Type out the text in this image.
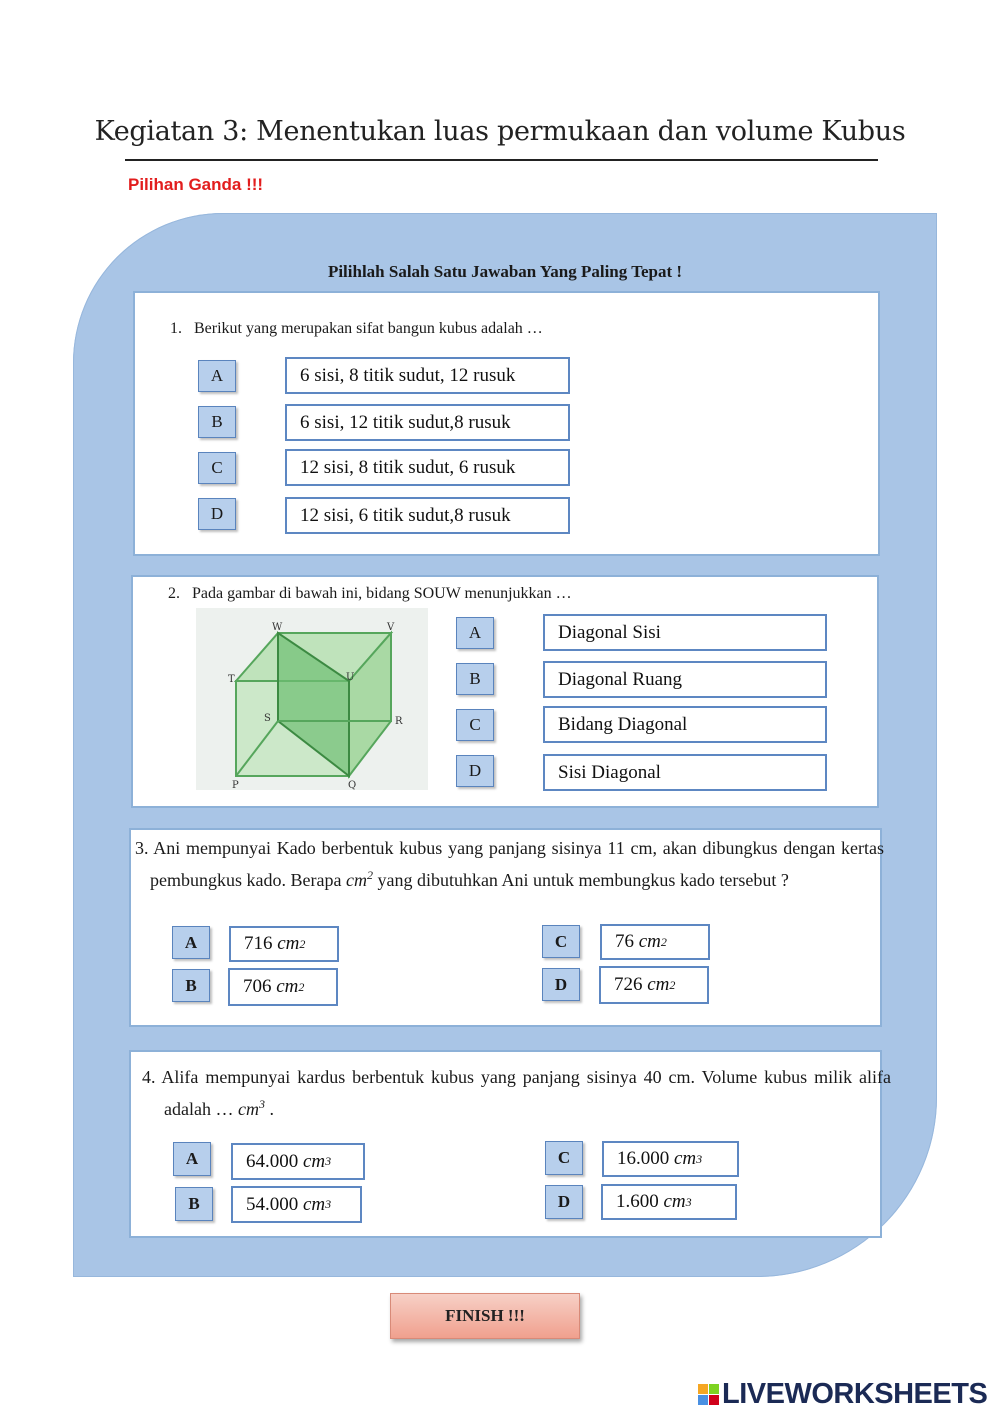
Kegiatan 3: Menentukan luas permukaan dan volume Kubus
Pilihan Ganda !!!
Pilihlah Salah Satu Jawaban Yang Paling Tepat !
1. Berikut yang merupakan sifat bangun kubus adalah …
A	6 sisi, 8 titik sudut, 12 rusuk
B	6 sisi, 12 titik sudut,8 rusuk
C	12 sisi, 8 titik sudut, 6 rusuk
D	12 sisi, 6 titik sudut,8 rusuk
2. Pada gambar di bawah ini, bidang SOUW menunjukkan …
W	V
T	U
S	R
P	Q
A	Diagonal Sisi
B	Diagonal Ruang
C	Bidang Diagonal
D	Sisi Diagonal
3. Ani mempunyai Kado berbentuk kubus yang panjang sisinya 11 cm, akan dibungkus dengan kertas pembungkus kado. Berapa $cm^2$ yang dibutuhkan Ani untuk membungkus kado tersebut ?
A	716
cm 2
B	706
cm 2
C	76
cm 2
D	726
cm 2
4. Alifa mempunyai kardus berbentuk kubus yang panjang sisinya 40 cm. Volume kubus milik alifa adalah … $cm^3$ .
A	64.000
cm 3
B	54.000
cm 3
C	16.000
cm 3
D	1.600
cm 3
FINISH !!!
LIVEWORKSHEETS
